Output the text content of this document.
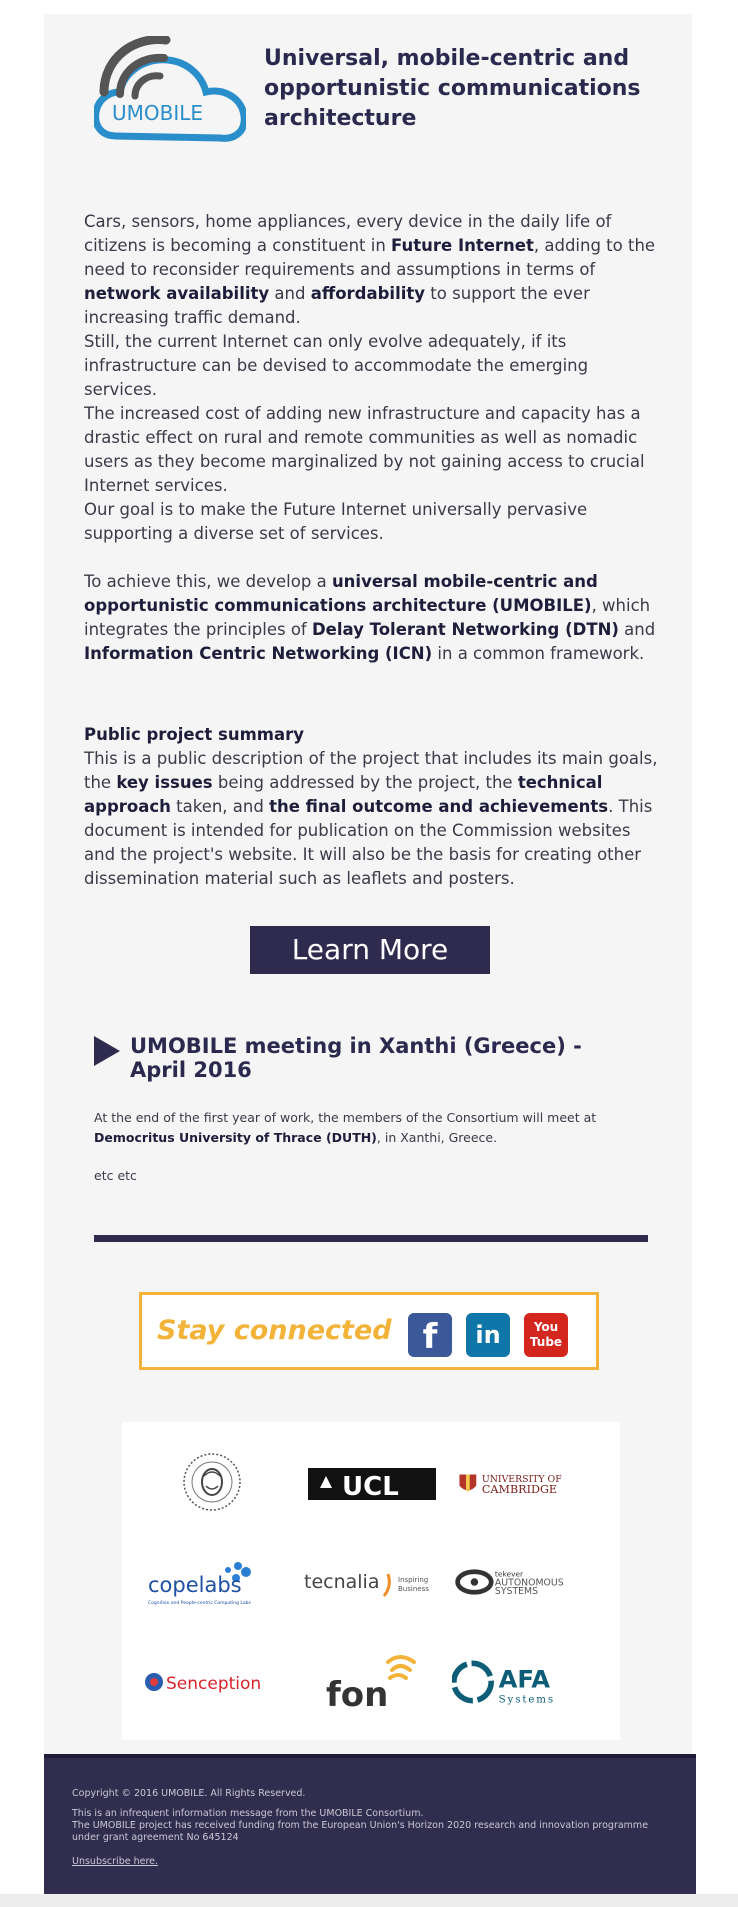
UMOBILE
Universal, mobile-centric and opportunistic communications architecture

Cars, sensors, home appliances, every device in the daily life of citizens is becoming a constituent in Future Internet, adding to the need to reconsider requirements and assumptions in terms of network availability and affordability to support the ever increasing traffic demand.
Still, the current Internet can only evolve adequately, if its infrastructure can be devised to accommodate the emerging services.
The increased cost of adding new infrastructure and capacity has a drastic effect on rural and remote communities as well as nomadic users as they become marginalized by not gaining access to crucial Internet services.
Our goal is to make the Future Internet universally pervasive supporting a diverse set of services.

To achieve this, we develop a universal mobile-centric and opportunistic communications architecture (UMOBILE), which integrates the principles of Delay Tolerant Networking (DTN) and Information Centric Networking (ICN) in a common framework.

Public project summary
This is a public description of the project that includes its main goals, the key issues being addressed by the project, the technical approach taken, and the final outcome and achievements. This document is intended for publication on the Commission websites and the project's website. It will also be the basis for creating other dissemination material such as leaflets and posters.

Learn More
UMOBILE meeting in Xanthi (Greece) - April 2016

At the end of the first year of work, the members of the Consortium will meet at Democritus University of Thrace (DUTH), in Xanthi, Greece.

etc etc

Stay connected f	in	You
Tube
UCL	UNIVERSITY OF
CAMBRIDGE
copelabs
Cognition and People-centric Computing Labs
tecnalia	Inspiring
Business
tekever
AUTONOMOUS
SYSTEMS
Senception fon	AFA
Systems

Copyright © 2016 UMOBILE. All Rights Reserved.

This is an infrequent information message from the UMOBILE Consortium.
The UMOBILE project has received funding from the European Union's Horizon 2020 research and innovation programme under grant agreement No 645124

Unsubscribe here.
